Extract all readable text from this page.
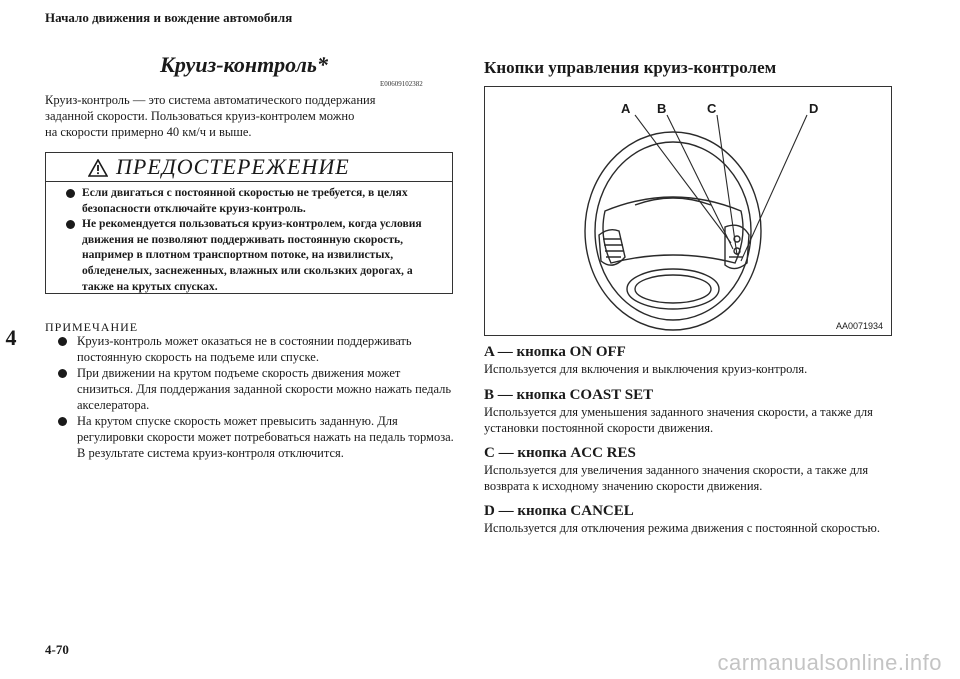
Начало движения и вождение автомобиля
4
Круиз-контроль*
E00609102382
Круиз-контроль — это система автоматического поддержания
заданной скорости. Пользоваться круиз-контролем можно
на скорости примерно 40 км/ч и выше.
ПРЕДОСТЕРЕЖЕНИЕ
Если двигаться с постоянной скоростью не требуется, в целях безопасности отключайте круиз-контроль.
Не рекомендуется пользоваться круиз-контролем, когда условия движения не позволяют поддерживать постоянную скорость, например в плотном транспортном потоке, на извилистых, обледенелых, заснеженных, влажных или скользких дорогах, а также на крутых спусках.
ПРИМЕЧАНИЕ
Круиз-контроль может оказаться не в состоянии поддерживать постоянную скорость на подъеме или спуске.
При движении на крутом подъеме скорость движения может снизиться. Для поддержания заданной скорости можно нажать педаль акселератора.
На крутом спуске скорость может превысить заданную. Для регулировки скорости может потребоваться нажать на педаль тормоза. В результате система круиз-контроля отключится.
Кнопки управления круиз-контролем
A B	C	D
AA0071934
A — кнопка ON OFF
Используется для включения и выключения круиз-контроля.
B — кнопка COAST SET
Используется для уменьшения заданного значения скорости, а также для установки постоянной скорости движения.
C — кнопка ACC RES
Используется для увеличения заданного значения скорости, а также для возврата к исходному значению скорости движения.
D — кнопка CANCEL
Используется для отключения режима движения с постоянной скоростью.
4-70
carmanualsonline.info
